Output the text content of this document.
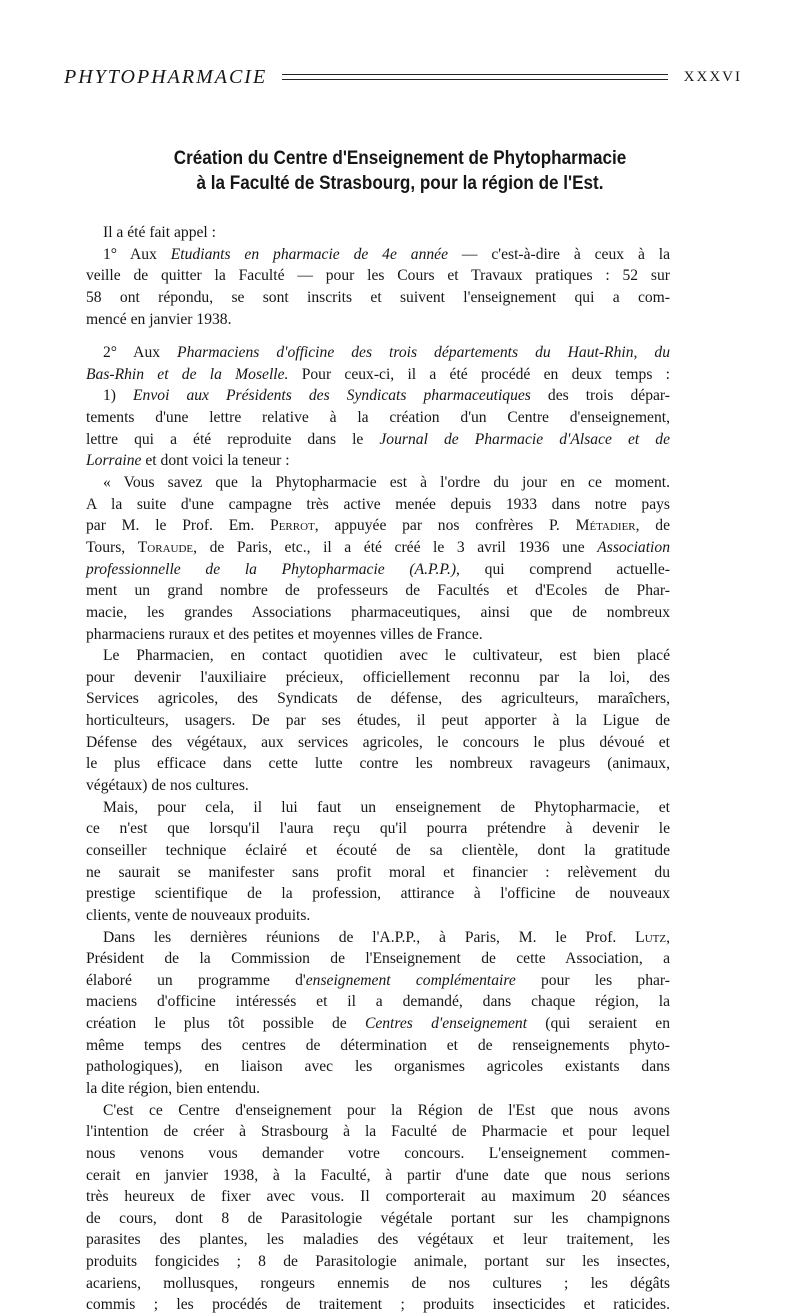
PHYTOPHARMACIE	XXXVI
Création du Centre d'Enseignement de Phytopharmacie
à la Faculté de Strasbourg, pour la région de l'Est.
Il a été fait appel :
1° Aux Etudiants en pharmacie de 4e année — c'est-à-dire à ceux à la
veille de quitter la Faculté — pour les Cours et Travaux pratiques : 52 sur
58 ont répondu, se sont inscrits et suivent l'enseignement qui a com-
mencé en janvier 1938.
2° Aux Pharmaciens d'officine des trois départements du Haut-Rhin, du
Bas-Rhin et de la Moselle. Pour ceux-ci, il a été procédé en deux temps :
1) Envoi aux Présidents des Syndicats pharmaceutiques des trois dépar-
tements d'une lettre relative à la création d'un Centre d'enseignement,
lettre qui a été reproduite dans le Journal de Pharmacie d'Alsace et de
Lorraine et dont voici la teneur :
« Vous savez que la Phytopharmacie est à l'ordre du jour en ce moment.
A la suite d'une campagne très active menée depuis 1933 dans notre pays
par M. le Prof. Em. Perrot, appuyée par nos confrères P. Métadier, de
Tours, Toraude, de Paris, etc., il a été créé le 3 avril 1936 une Association
professionnelle de la Phytopharmacie (A.P.P.), qui comprend actuelle-
ment un grand nombre de professeurs de Facultés et d'Ecoles de Phar-
macie, les grandes Associations pharmaceutiques, ainsi que de nombreux
pharmaciens ruraux et des petites et moyennes villes de France.
Le Pharmacien, en contact quotidien avec le cultivateur, est bien placé
pour devenir l'auxiliaire précieux, officiellement reconnu par la loi, des
Services agricoles, des Syndicats de défense, des agriculteurs, maraîchers,
horticulteurs, usagers. De par ses études, il peut apporter à la Ligue de
Défense des végétaux, aux services agricoles, le concours le plus dévoué et
le plus efficace dans cette lutte contre les nombreux ravageurs (animaux,
végétaux) de nos cultures.
Mais, pour cela, il lui faut un enseignement de Phytopharmacie, et
ce n'est que lorsqu'il l'aura reçu qu'il pourra prétendre à devenir le
conseiller technique éclairé et écouté de sa clientèle, dont la gratitude
ne saurait se manifester sans profit moral et financier : relèvement du
prestige scientifique de la profession, attirance à l'officine de nouveaux
clients, vente de nouveaux produits.
Dans les dernières réunions de l'A.P.P., à Paris, M. le Prof. Lutz,
Président de la Commission de l'Enseignement de cette Association, a
élaboré un programme d'enseignement complémentaire pour les phar-
maciens d'officine intéressés et il a demandé, dans chaque région, la
création le plus tôt possible de Centres d'enseignement (qui seraient en
même temps des centres de détermination et de renseignements phyto-
pathologiques), en liaison avec les organismes agricoles existants dans
la dite région, bien entendu.
C'est ce Centre d'enseignement pour la Région de l'Est que nous avons
l'intention de créer à Strasbourg à la Faculté de Pharmacie et pour lequel
nous venons vous demander votre concours. L'enseignement commen-
cerait en janvier 1938, à la Faculté, à partir d'une date que nous serions
très heureux de fixer avec vous. Il comporterait au maximum 20 séances
de cours, dont 8 de Parasitologie végétale portant sur les champignons
parasites des plantes, les maladies des végétaux et leur traitement, les
produits fongicides ; 8 de Parasitologie animale, portant sur les insectes,
acariens, mollusques, rongeurs ennemis de nos cultures ; les dégâts
commis ; les procédés de traitement ; produits insecticides et raticides.
